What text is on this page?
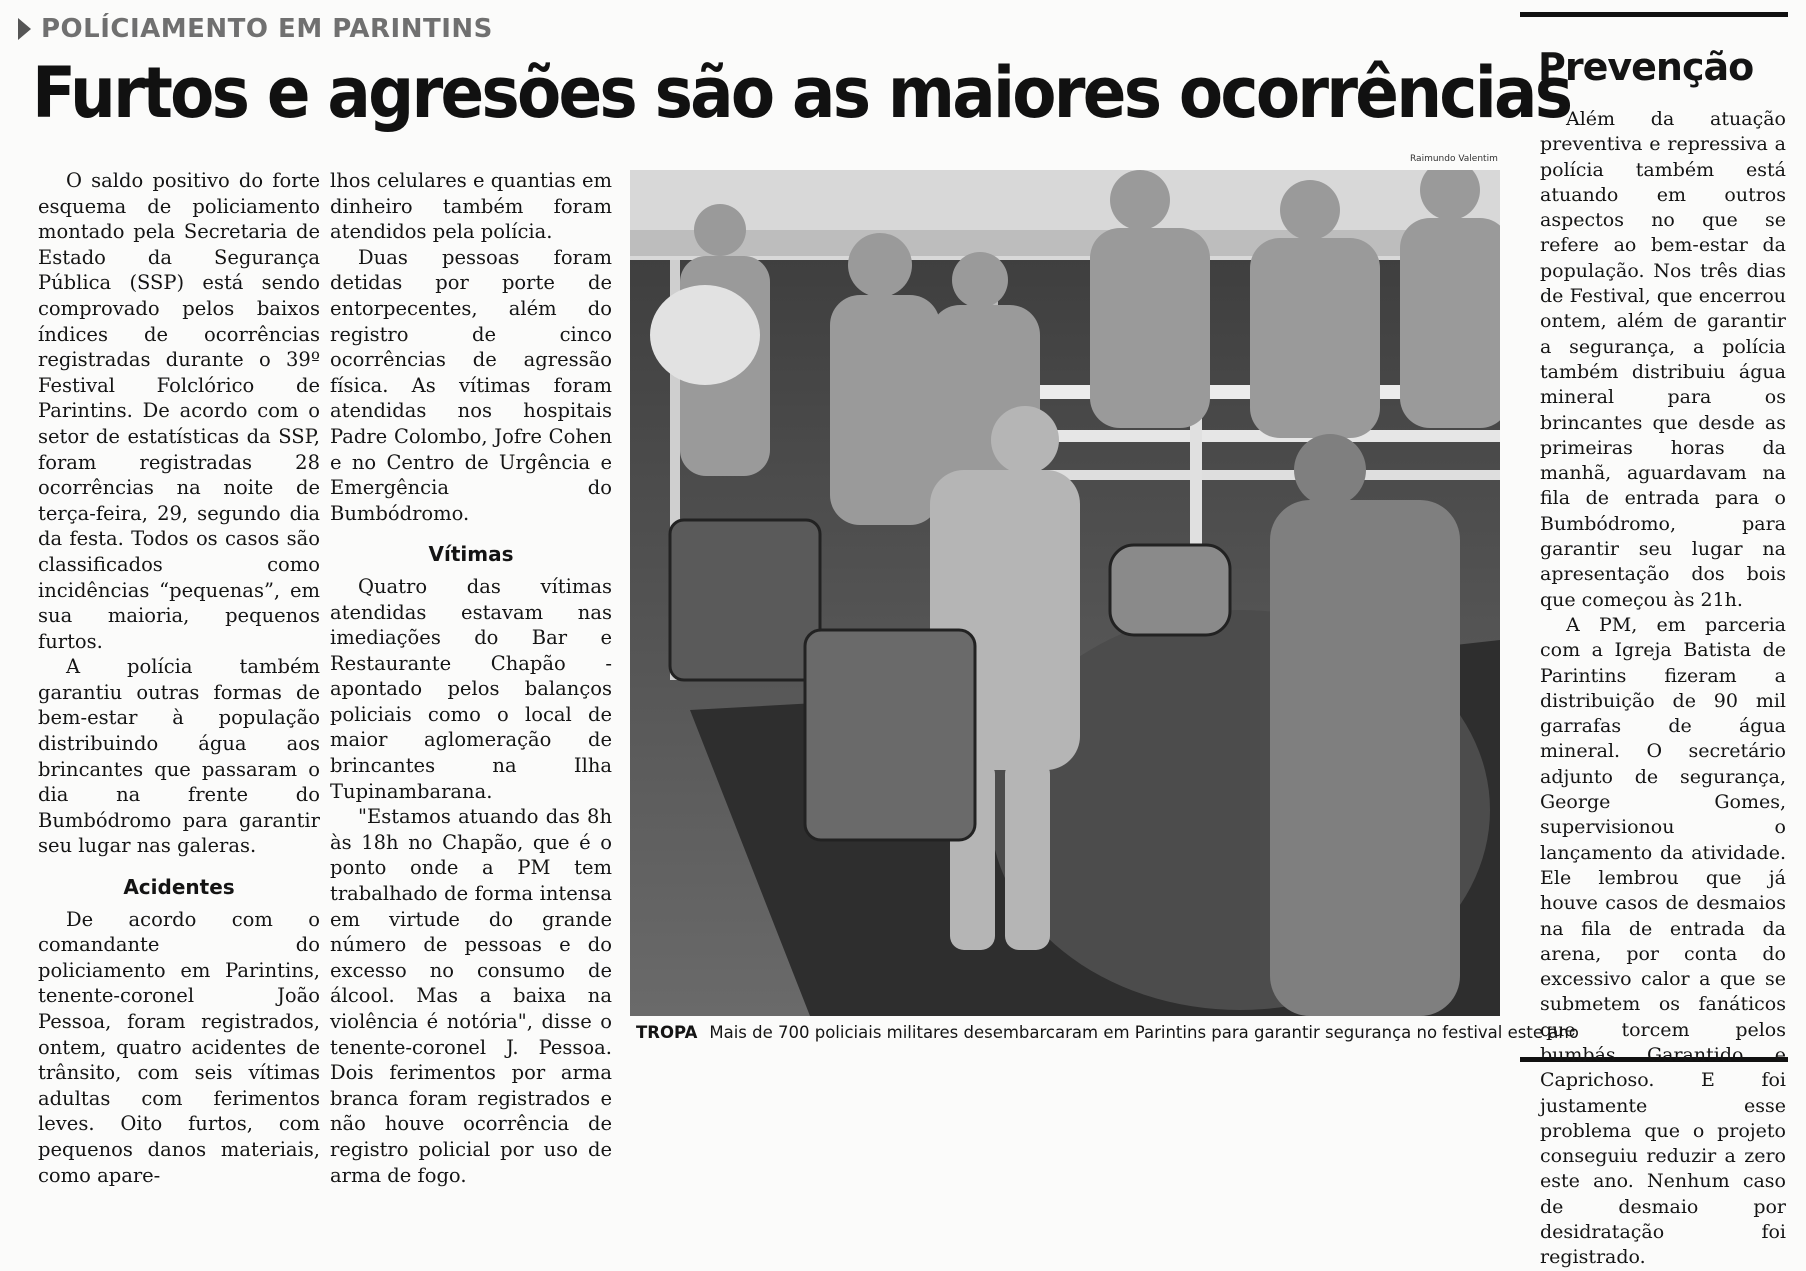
POLÍCIAMENTO EM PARINTINS
Furtos e agresões são as maiores ocorrências

O saldo positivo do forte esquema de policiamento montado pela Secretaria de Estado da Segurança Pública (SSP) está sendo comprovado pelos baixos índices de ocorrências registradas durante o 39º Festival Folclórico de Parintins. De acordo com o setor de estatísticas da SSP, foram registradas 28 ocorrências na noite de terça-feira, 29, segundo dia da festa. Todos os casos são classificados como incidências “pequenas”, em sua maioria, pequenos furtos.

A polícia também garantiu outras formas de bem-estar à população distribuindo água aos brincantes que passaram o dia na frente do Bumbódromo para garantir seu lugar nas galeras.

Acidentes

De acordo com o comandante do policiamento em Parintins, tenente-coronel João Pessoa, foram registrados, ontem, quatro acidentes de trânsito, com seis vítimas adultas com ferimentos leves. Oito furtos, com pequenos danos materiais, como apare-

lhos celulares e quantias em dinheiro também foram atendidos pela polícia.

Duas pessoas foram detidas por porte de entorpecentes, além do registro de cinco ocorrências de agressão física. As vítimas foram atendidas nos hospitais Padre Colombo, Jofre Cohen e no Centro de Urgência e Emergência do Bumbódromo.

Vítimas

Quatro das vítimas atendidas estavam nas imediações do Bar e Restaurante Chapão - apontado pelos balanços policiais como o local de maior aglomeração de brincantes na Ilha Tupinambarana.

"Estamos atuando das 8h às 18h no Chapão, que é o ponto onde a PM tem trabalhado de forma intensa em virtude do grande número de pessoas e do excesso no consumo de álcool. Mas a baixa na violência é notória", disse o tenente-coronel J. Pessoa. Dois ferimentos por arma branca foram registrados e não houve ocorrência de registro policial por uso de arma de fogo.

Raimundo Valentim
TROPA Mais de 700 policiais militares desembarcaram em Parintins para garantir segurança no festival este ano
Prevenção

Além da atuação preventiva e repressiva a polícia também está atuando em outros aspectos no que se refere ao bem-estar da população. Nos três dias de Festival, que encerrou ontem, além de garantir a segurança, a polícia também distribuiu água mineral para os brincantes que desde as primeiras horas da manhã, aguardavam na fila de entrada para o Bumbódromo, para garantir seu lugar na apresentação dos bois que começou às 21h.

A PM, em parceria com a Igreja Batista de Parintins fizeram a distribuição de 90 mil garrafas de água mineral. O secretário adjunto de segurança, George Gomes, supervisionou o lançamento da atividade. Ele lembrou que já houve casos de desmaios na fila de entrada da arena, por conta do excessivo calor a que se submetem os fanáticos que torcem pelos bumbás Garantido e Caprichoso. E foi justamente esse problema que o projeto conseguiu reduzir a zero este ano. Nenhum caso de desmaio por desidratação foi registrado.
